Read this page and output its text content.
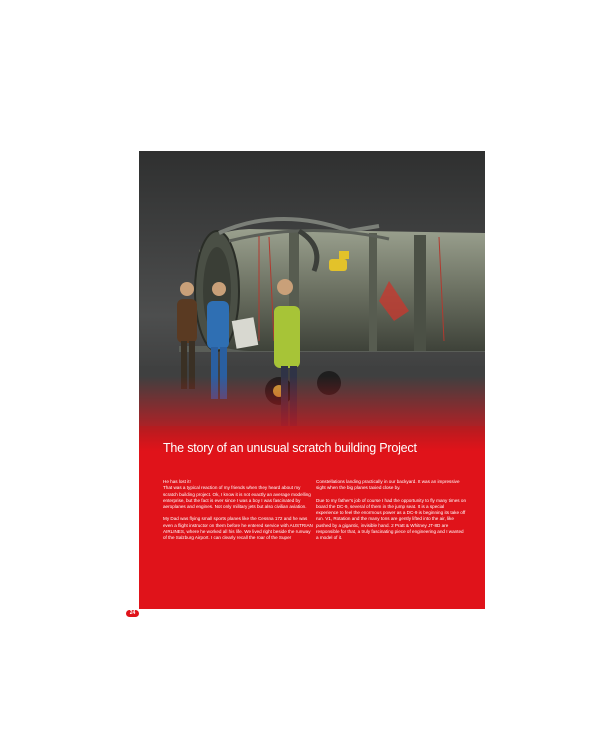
The story of an unusual scratch building Project

He has lost it!
That was a typical reaction of my friends when they heard about my scratch building project. Ok, I know it is not exactly an average modelling enterprise, but the fact is ever since I was a boy I was fascinated by aeroplanes and engines. Not only military jets but also civilian aviation.

My Dad was flying small sports planes like the Cessna 172 and he was even a flight instructor on them before he entered service with AUSTRIAN AIRLINES, where he worked all his life. We lived right beside the runway of the Salzburg Airport. I can clearly recall the roar of the Super

Constellations landing practically in our backyard. It was an impressive sight when the big planes taxied close by.

Due to my father's job of course I had the opportunity to fly many times on board the DC-9, several of them in the jump seat. It is a special experience to feel the enormous power as a DC-9 is beginning its take off run. V1, Rotation and the many tons are gently lifted into the air, like pushed by a gigantic, invisible hand. 2 Pratt & Whitney JT-8D are responsible for that, a truly fascinating piece of engineering and I wanted a model of it.

24
